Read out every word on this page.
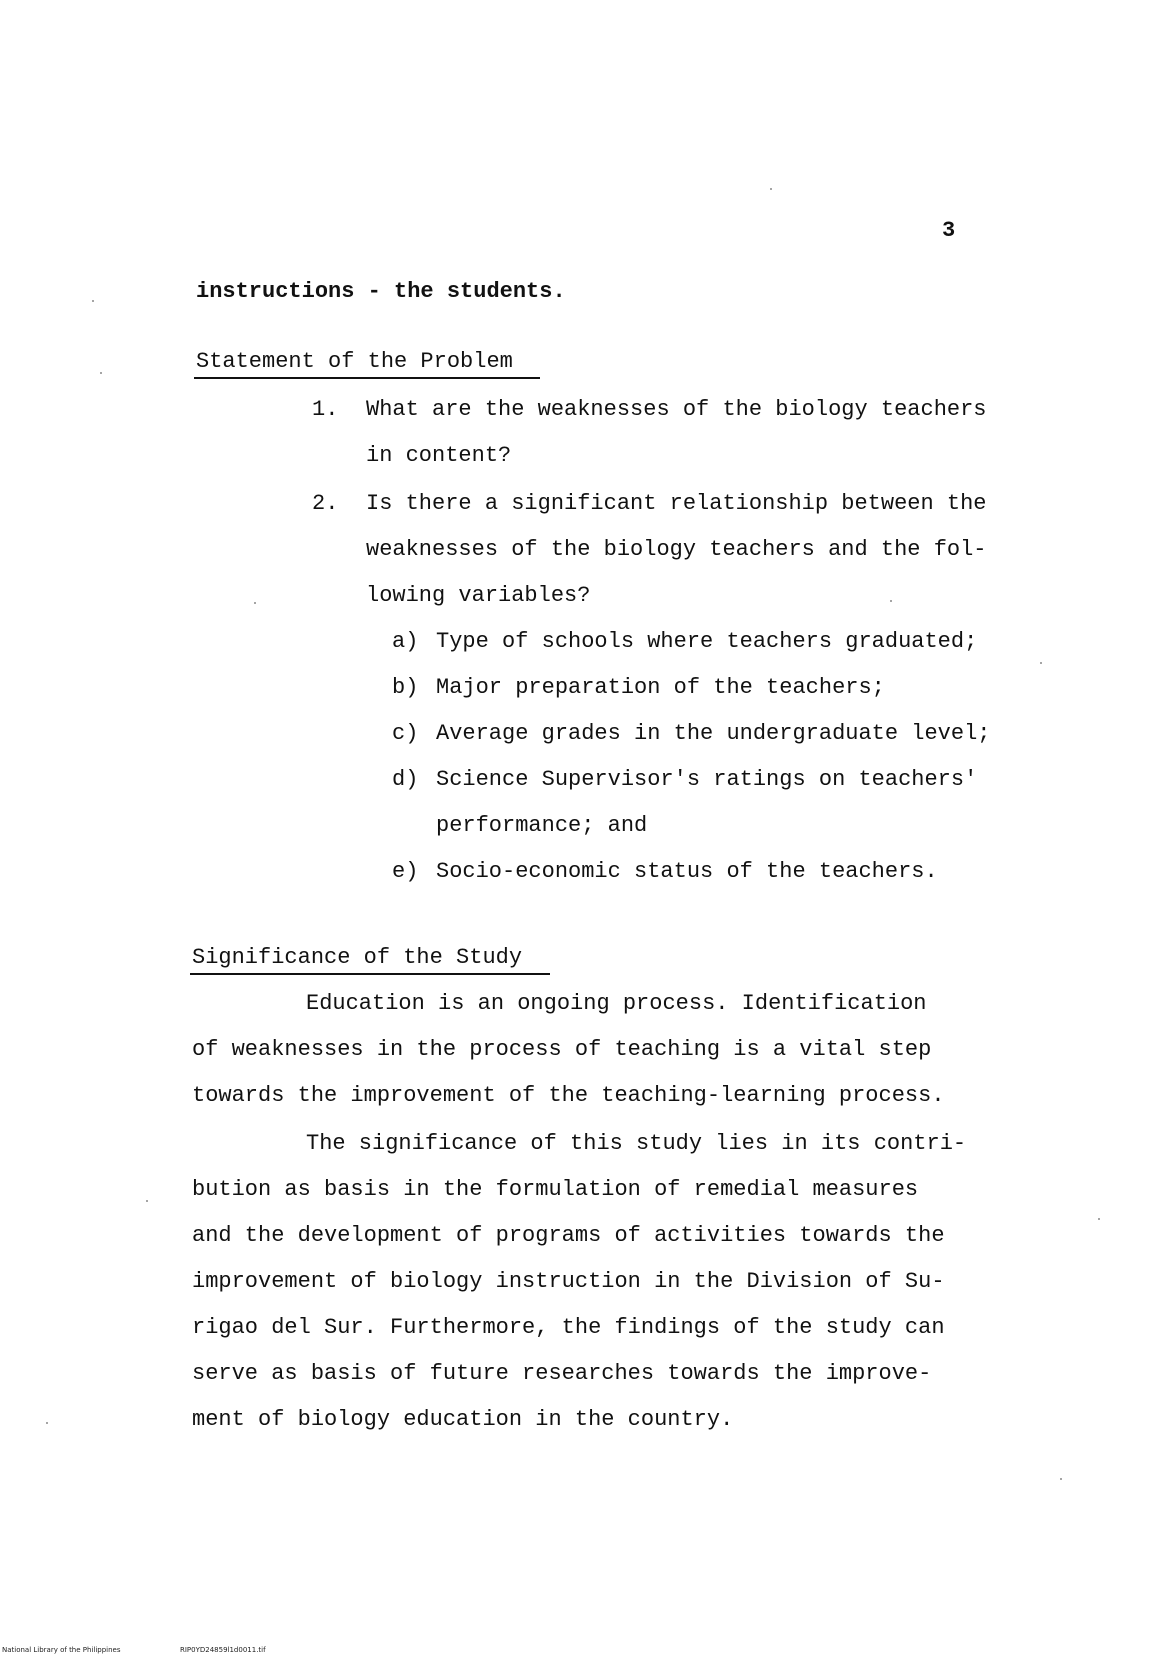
3
instructions - the students.
Statement of the Problem
1. What are the weaknesses of the biology teachers
in content?
2. Is there a significant relationship between the
weaknesses of the biology teachers and the fol-
lowing variables?
a) Type of schools where teachers graduated;
b) Major preparation of the teachers;
c) Average grades in the undergraduate level;
d) Science Supervisor's ratings on teachers'
performance; and
e) Socio-economic status of the teachers.
Significance of the Study
Education is an ongoing process. Identification
of weaknesses in the process of teaching is a vital step
towards the improvement of the teaching-learning process.
The significance of this study lies in its contri-
bution as basis in the formulation of remedial measures
and the development of programs of activities towards the
improvement of biology instruction in the Division of Su-
rigao del Sur. Furthermore, the findings of the study can
serve as basis of future researches towards the improve-
ment of biology education in the country.
National Library of the Philippines	RIP0YD24859l1d0011.tif
